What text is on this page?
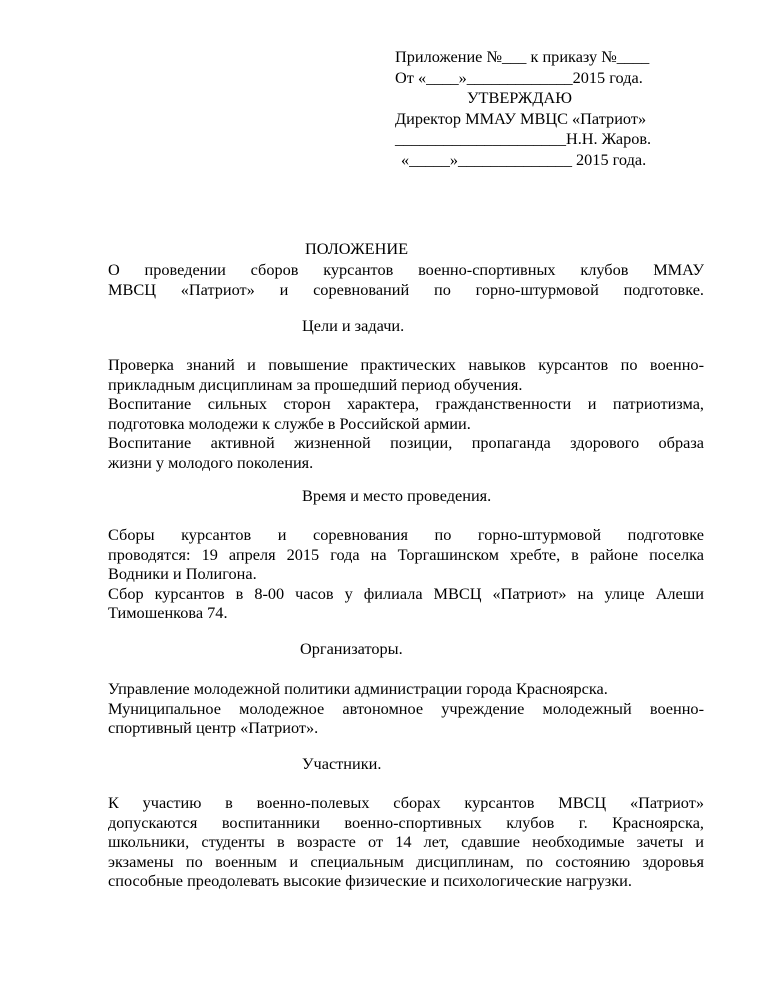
Приложение №___ к приказу №____
От «____»_____________2015 года.
УТВЕРЖДАЮ
Директор ММАУ МВЦС «Патриот»
_____________________Н.Н. Жаров.
«_____»______________ 2015 года.
ПОЛОЖЕНИЕ
О проведении сборов курсантов военно-спортивных клубов ММАУ
МВСЦ «Патриот» и соревнований по горно-штурмовой подготовке.
Цели и задачи.
Проверка знаний и повышение практических навыков курсантов по военно-
прикладным дисциплинам за прошедший период обучения.
Воспитание сильных сторон характера, гражданственности и патриотизма,
подготовка молодежи к службе в Российской армии.
Воспитание активной жизненной позиции, пропаганда здорового образа
жизни у молодого поколения.
Время и место проведения.
Сборы курсантов и соревнования по горно-штурмовой подготовке
проводятся: 19 апреля 2015 года на Торгашинском хребте, в районе поселка
Водники и Полигона.
Сбор курсантов в 8-00 часов у филиала МВСЦ «Патриот» на улице Алеши
Тимошенкова 74.
Организаторы.
Управление молодежной политики администрации города Красноярска.
Муниципальное молодежное автономное учреждение молодежный военно-
спортивный центр «Патриот».
Участники.
К участию в военно-полевых сборах курсантов МВСЦ «Патриот»
допускаются воспитанники военно-спортивных клубов г. Красноярска,
школьники, студенты в возрасте от 14 лет, сдавшие необходимые зачеты и
экзамены по военным и специальным дисциплинам, по состоянию здоровья
способные преодолевать высокие физические и психологические нагрузки.
